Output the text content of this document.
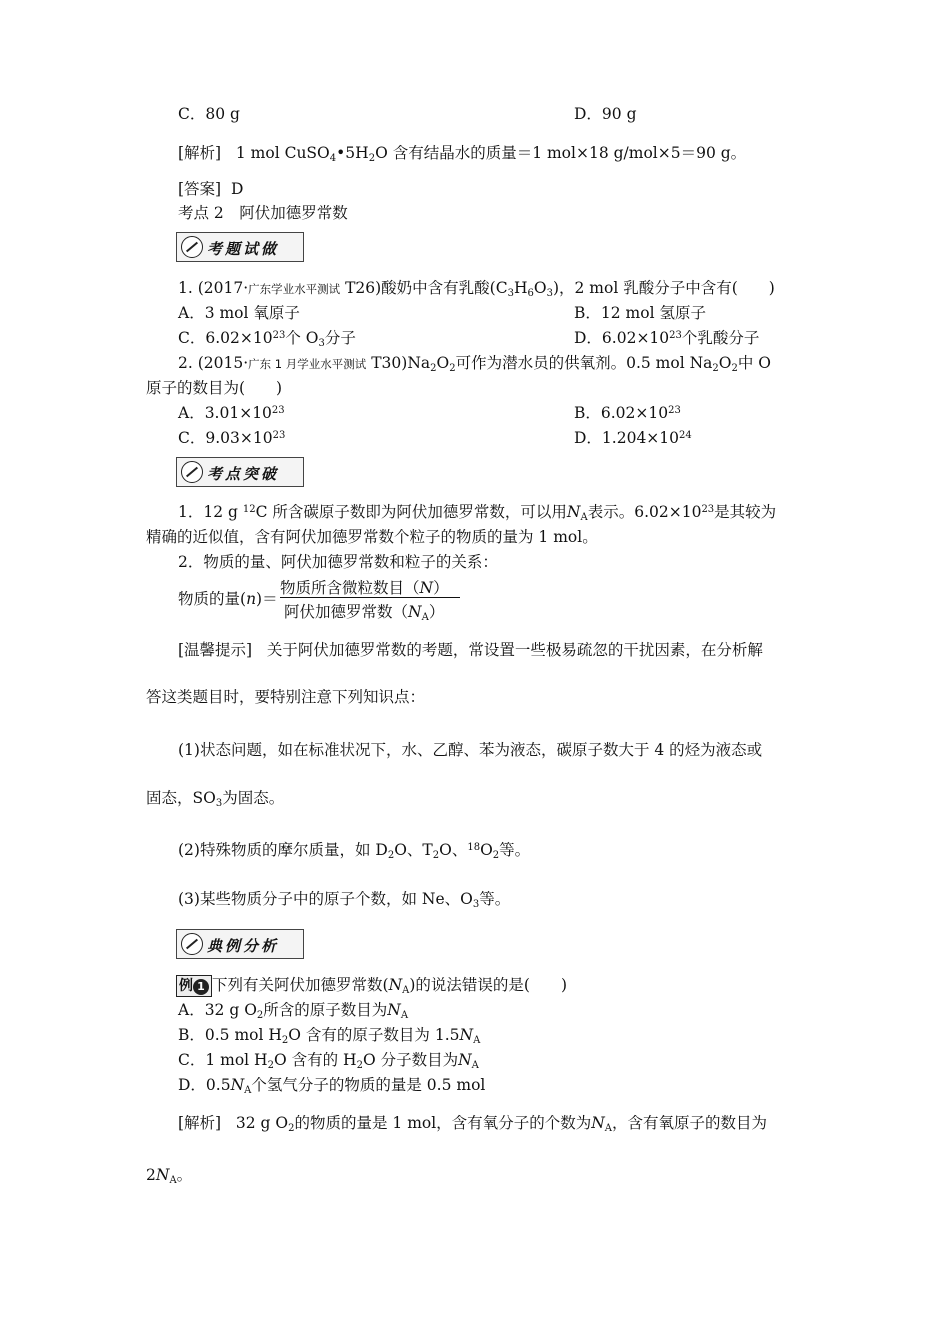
C．80 g	D．90 g
[解析] 1 mol $CuSO_4•5H_2O$ 含有结晶水的质量＝1 mol×18 g/mol×5＝90 g。
[答案] D
考点 2　阿伏加德罗常数
考题试做
1. (2017·广东学业水平测试 T26)酸奶中含有乳酸$(C_3H_6O_3)$，2 mol 乳酸分子中含有(　　)
A．3 mol 氧原子	B．12 mol 氢原子
C．$6.02\times 10^{23}$个 $O_3$分子	D．$6.02\times 10^{23}$个乳酸分子
2. (2015·广东 1 月学业水平测试 $T30)Na_2O_2$可作为潜水员的供氧剂。0.5 mol $Na_2O_2$中 O
原子的数目为(　　)
A．$3.01\times 10^{23}$	B．$6.02\times 10^{23}$
C．$9.03\times 10^{23}$	D．$1.204\times 10^{24}$
考点突破
1．12 g $^{12}$C 所含碳原子数即为阿伏加德罗常数，可以用$N_A$表示。$6.02\times 10^{23}$是其较为
精确的近似值，含有阿伏加德罗常数个粒子的物质的量为 1 mol。
2．物质的量、阿伏加德罗常数和粒子的关系：
物质的量(n)＝
物质所含微粒数目（N）
阿伏加德罗常数$(N_A)$
[温馨提示] 关于阿伏加德罗常数的考题，常设置一些极易疏忽的干扰因素，在分析解
答这类题目时，要特别注意下列知识点：
(1)状态问题，如在标准状况下，水、乙醇、苯为液态，碳原子数大于 4 的烃为液态或
固态，$SO_3$为固态。
(2)特殊物质的摩尔质量，如 $D_2O$、$T_2O$、$^{18}O_2$等。
(3)某些物质分子中的原子个数，如 Ne、$O_3$等。
典例分析
例 1 下列有关阿伏加德罗常数$(N_A)$的说法错误的是(　　)
A．32 g $O_2$所含的原子数目为$N_A$
B．0.5 mol $H_2O$ 含有的原子数目为 $1.5N_A$
C．1 mol $H_2O$ 含有的 $H_2O$ 分子数目为$N_A$
D．$0.5N_A$个氢气分子的物质的量是 0.5 mol
[解析] 32 g $O_2$的物质的量是 1 mol，含有氧分子的个数为$N_A$，含有氧原子的数目为
$2N_A$。
